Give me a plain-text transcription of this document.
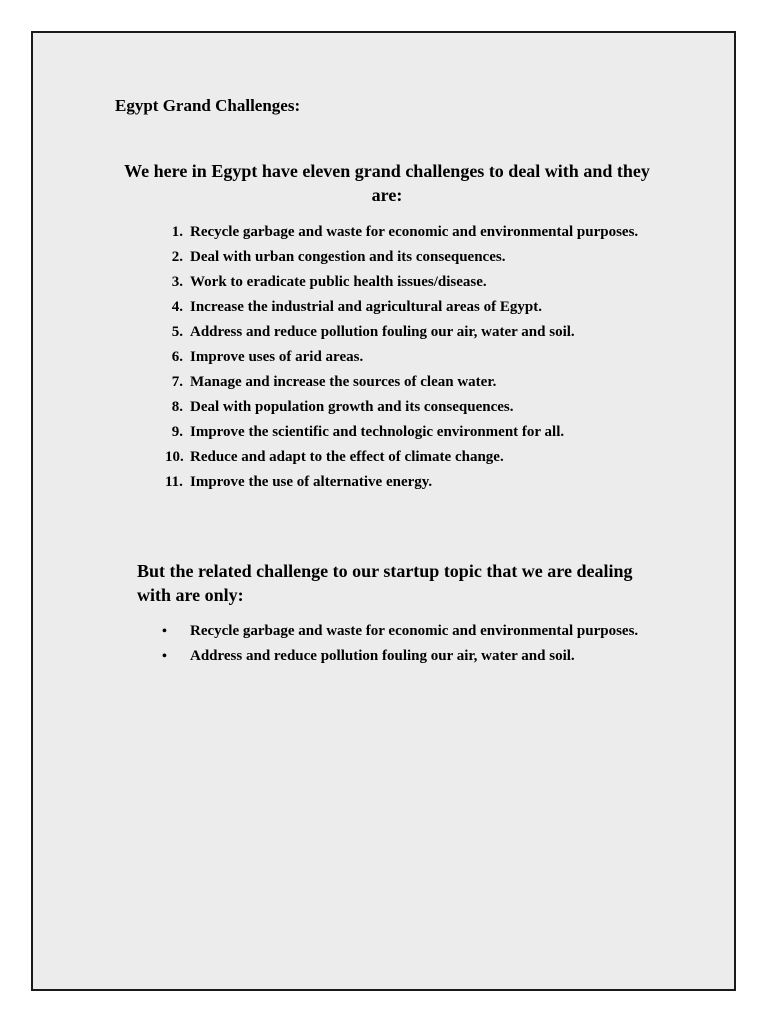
Egypt Grand Challenges:

We here in Egypt have eleven grand challenges to deal with and they are:

1. Recycle garbage and waste for economic and environmental purposes.
2. Deal with urban congestion and its consequences.
3. Work to eradicate public health issues/disease.
4. Increase the industrial and agricultural areas of Egypt.
5. Address and reduce pollution fouling our air, water and soil.
6. Improve uses of arid areas.
7. Manage and increase the sources of clean water.
8. Deal with population growth and its consequences.
9. Improve the scientific and technologic environment for all.
10. Reduce and adapt to the effect of climate change.
11. Improve the use of alternative energy.

But the related challenge to our startup topic that we are dealing with are only:

•	Recycle garbage and waste for economic and environmental purposes.
•	Address and reduce pollution fouling our air, water and soil.
